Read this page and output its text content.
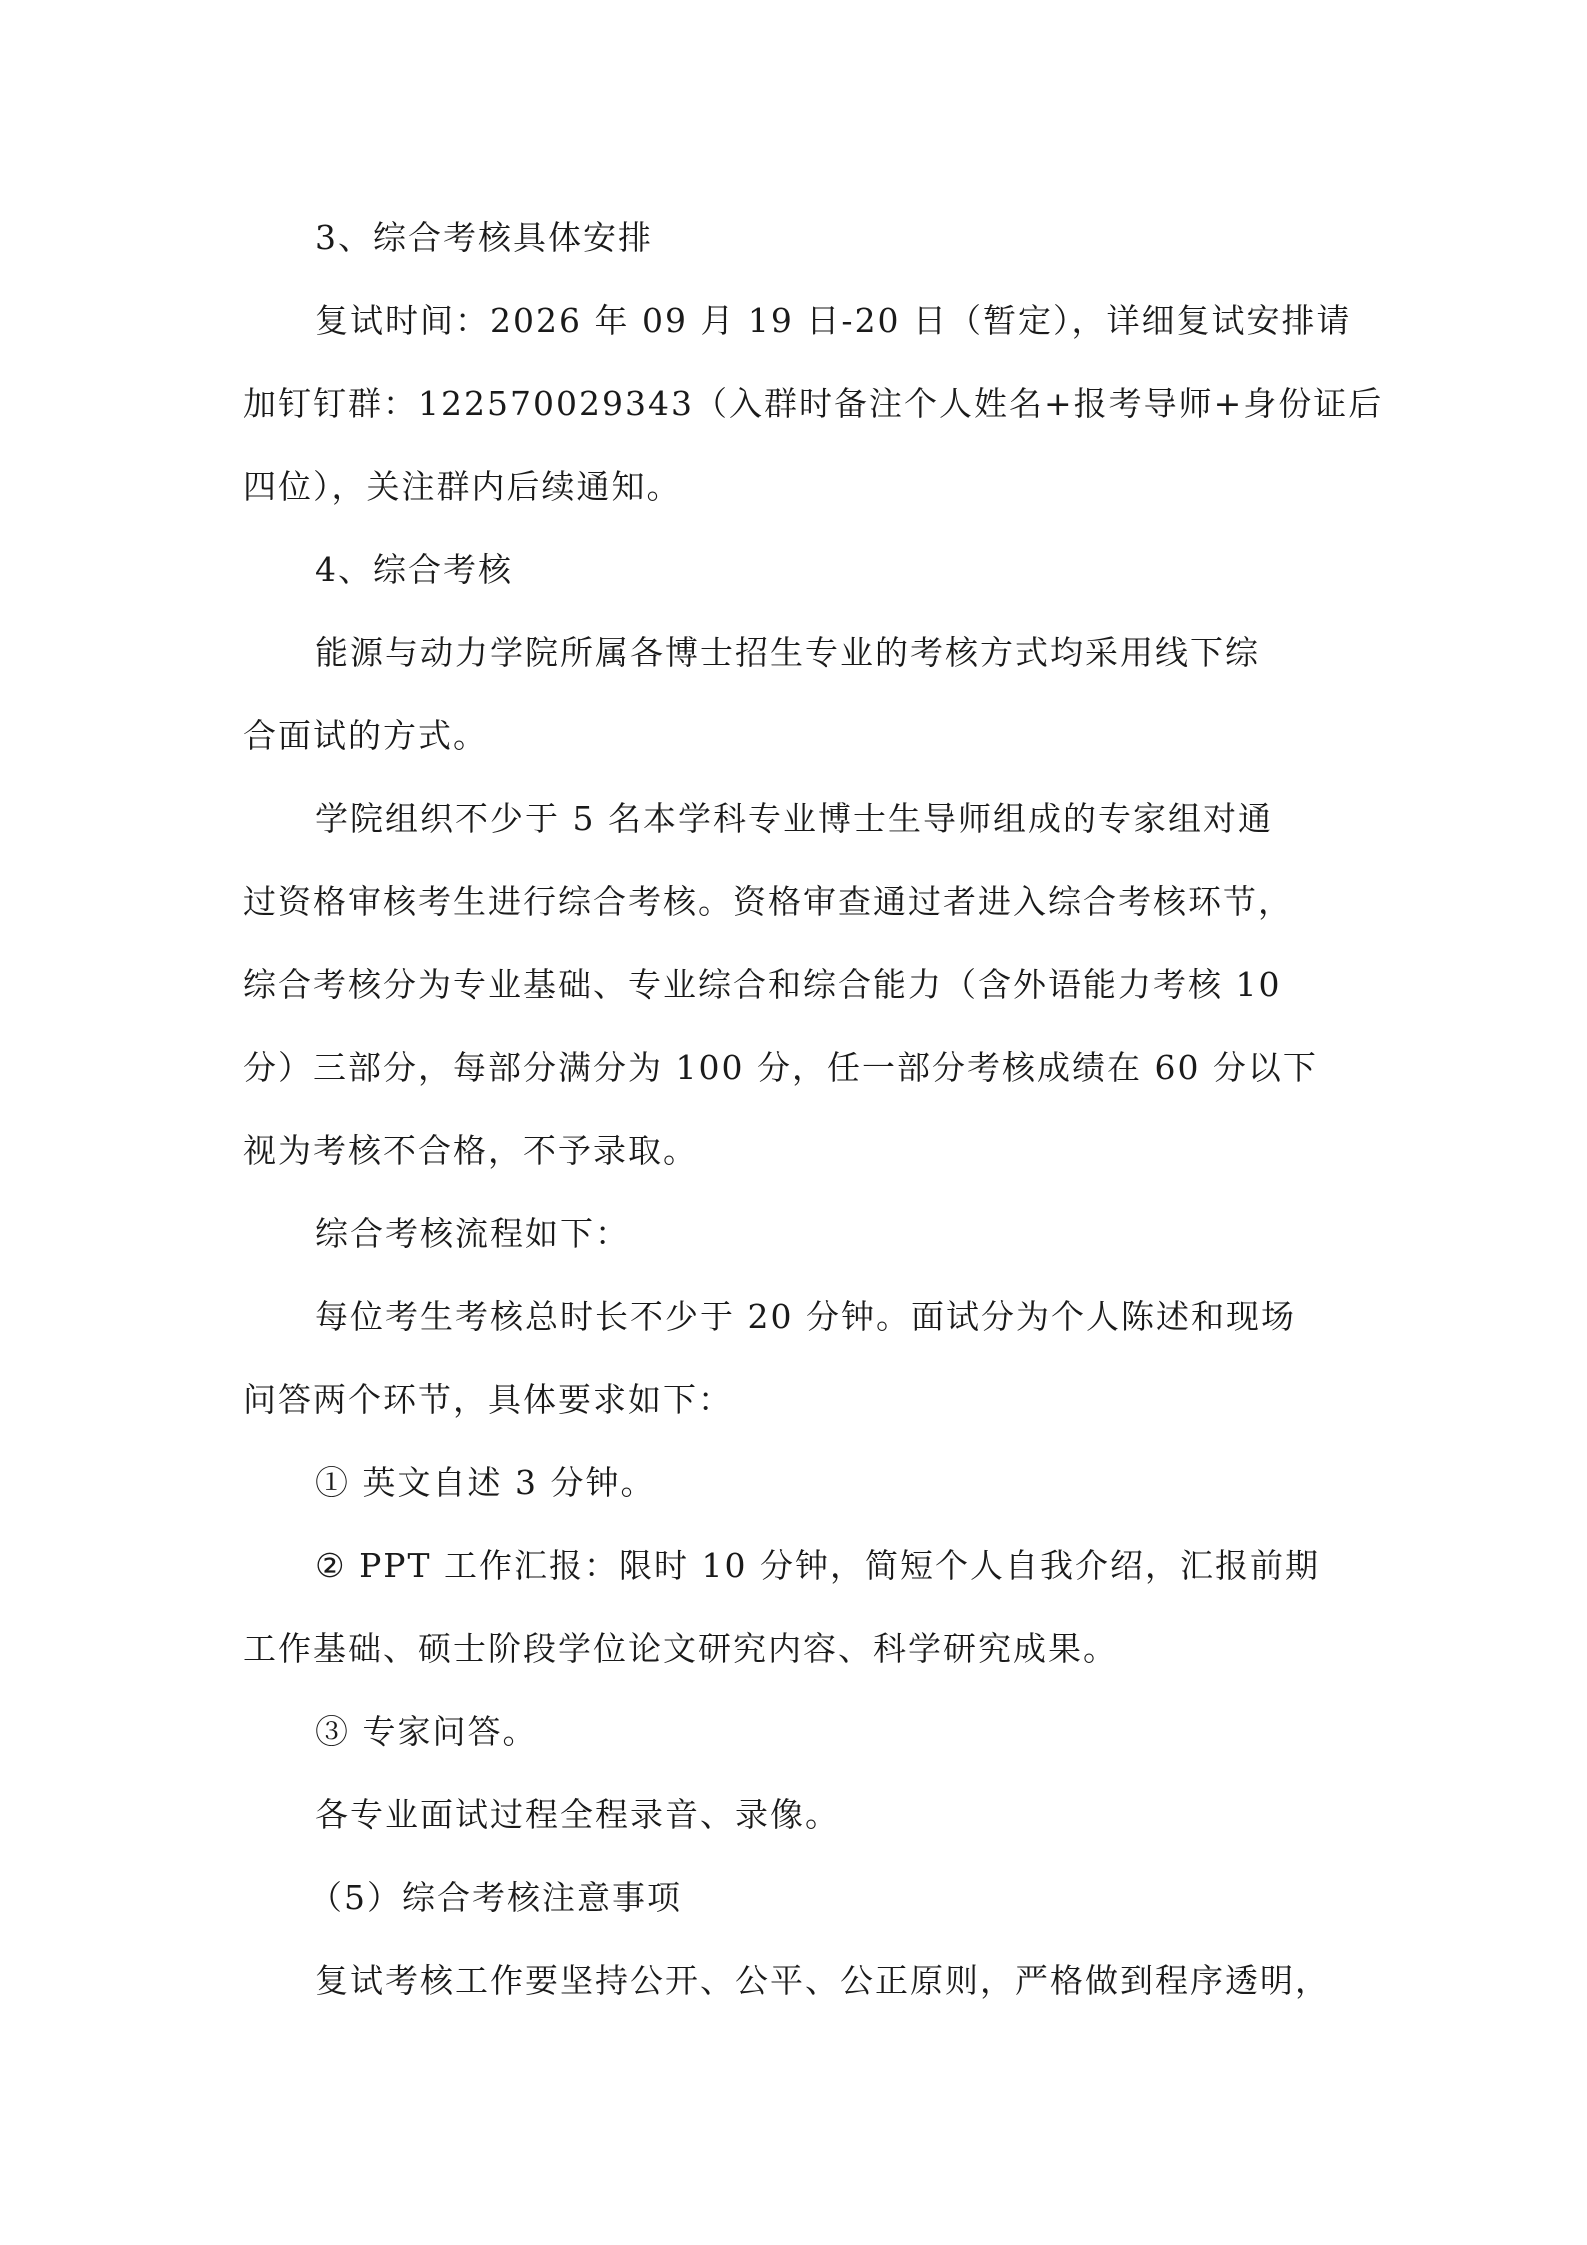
3、综合考核具体安排

复试时间：2026 年 09 月 19 日-20 日（暂定），详细复试安排请

加钉钉群：122570029343（入群时备注个人姓名+报考导师+身份证后

四位），关注群内后续通知。

4、综合考核

能源与动力学院所属各博士招生专业的考核方式均采用线下综

合面试的方式。

学院组织不少于 5 名本学科专业博士生导师组成的专家组对通

过资格审核考生进行综合考核。资格审查通过者进入综合考核环节，

综合考核分为专业基础、专业综合和综合能力（含外语能力考核 10

分）三部分，每部分满分为 100 分，任一部分考核成绩在 60 分以下

视为考核不合格，不予录取。

综合考核流程如下：

每位考生考核总时长不少于 20 分钟。面试分为个人陈述和现场

问答两个环节，具体要求如下：

① 英文自述 3 分钟。

② PPT 工作汇报：限时 10 分钟，简短个人自我介绍，汇报前期

工作基础、硕士阶段学位论文研究内容、科学研究成果。

③ 专家问答。

各专业面试过程全程录音、录像。

（5）综合考核注意事项

复试考核工作要坚持公开、公平、公正原则，严格做到程序透明，
